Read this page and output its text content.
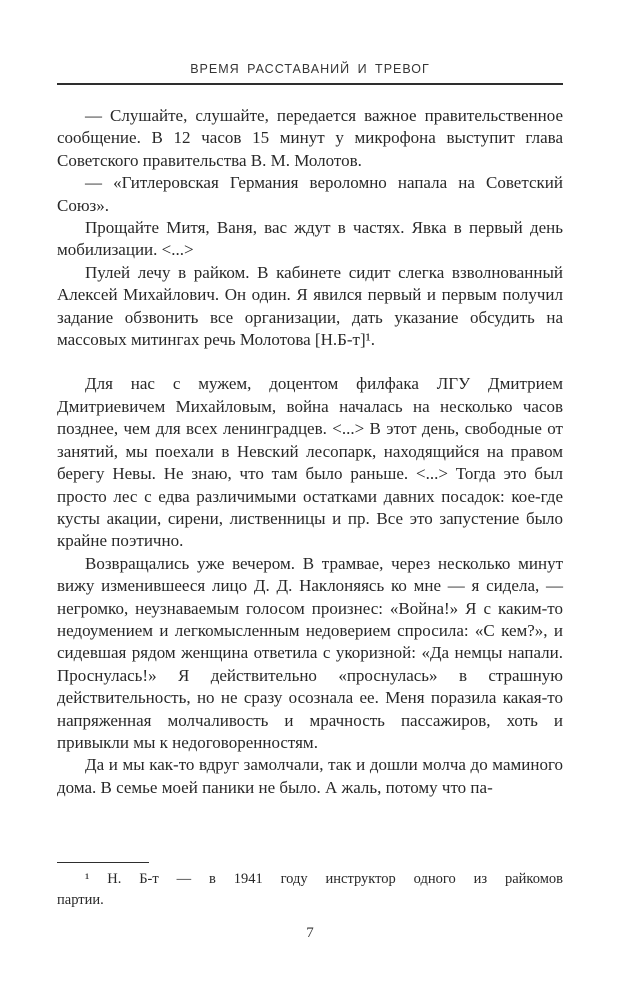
ВРЕМЯ РАССТАВАНИЙ И ТРЕВОГ

— Слушайте, слушайте, передается важное правительственное сообщение. В 12 часов 15 минут у микрофона выступит глава Советского правительства В. М. Молотов.

— «Гитлеровская Германия вероломно напала на Советский Союз».

Прощайте Митя, Ваня, вас ждут в частях. Явка в первый день мобилизации. <...>

Пулей лечу в райком. В кабинете сидит слегка взволнованный Алексей Михайлович. Он один. Я явился первый и первым получил задание обзвонить все организации, дать указание обсудить на массовых митингах речь Молотова [Н.Б-т]¹.

Для нас с мужем, доцентом филфака ЛГУ Дмитрием Дмитриевичем Михайловым, война началась на несколько часов позднее, чем для всех ленинградцев. <...> В этот день, свободные от занятий, мы поехали в Невский лесопарк, находящийся на правом берегу Невы. Не знаю, что там было раньше. <...> Тогда это был просто лес с едва различимыми остатками давних посадок: кое-где кусты акации, сирени, лиственницы и пр. Все это запустение было крайне поэтично.

Возвращались уже вечером. В трамвае, через несколько минут вижу изменившееся лицо Д. Д. Наклоняясь ко мне — я сидела, — негромко, неузнаваемым голосом произнес: «Война!» Я с каким-то недоумением и легкомысленным недоверием спросила: «С кем?», и сидевшая рядом женщина ответила с укоризной: «Да немцы напали. Проснулась!» Я действительно «проснулась» в страшную действительность, но не сразу осознала ее. Меня поразила какая-то напряженная молчаливость и мрачность пассажиров, хоть и привыкли мы к недоговоренностям.

Да и мы как-то вдруг замолчали, так и дошли молча до маминого дома. В семье моей паники не было. А жаль, потому что па-

¹ Н. Б-т — в 1941 году инструктор одного из райкомов

партии.

7
